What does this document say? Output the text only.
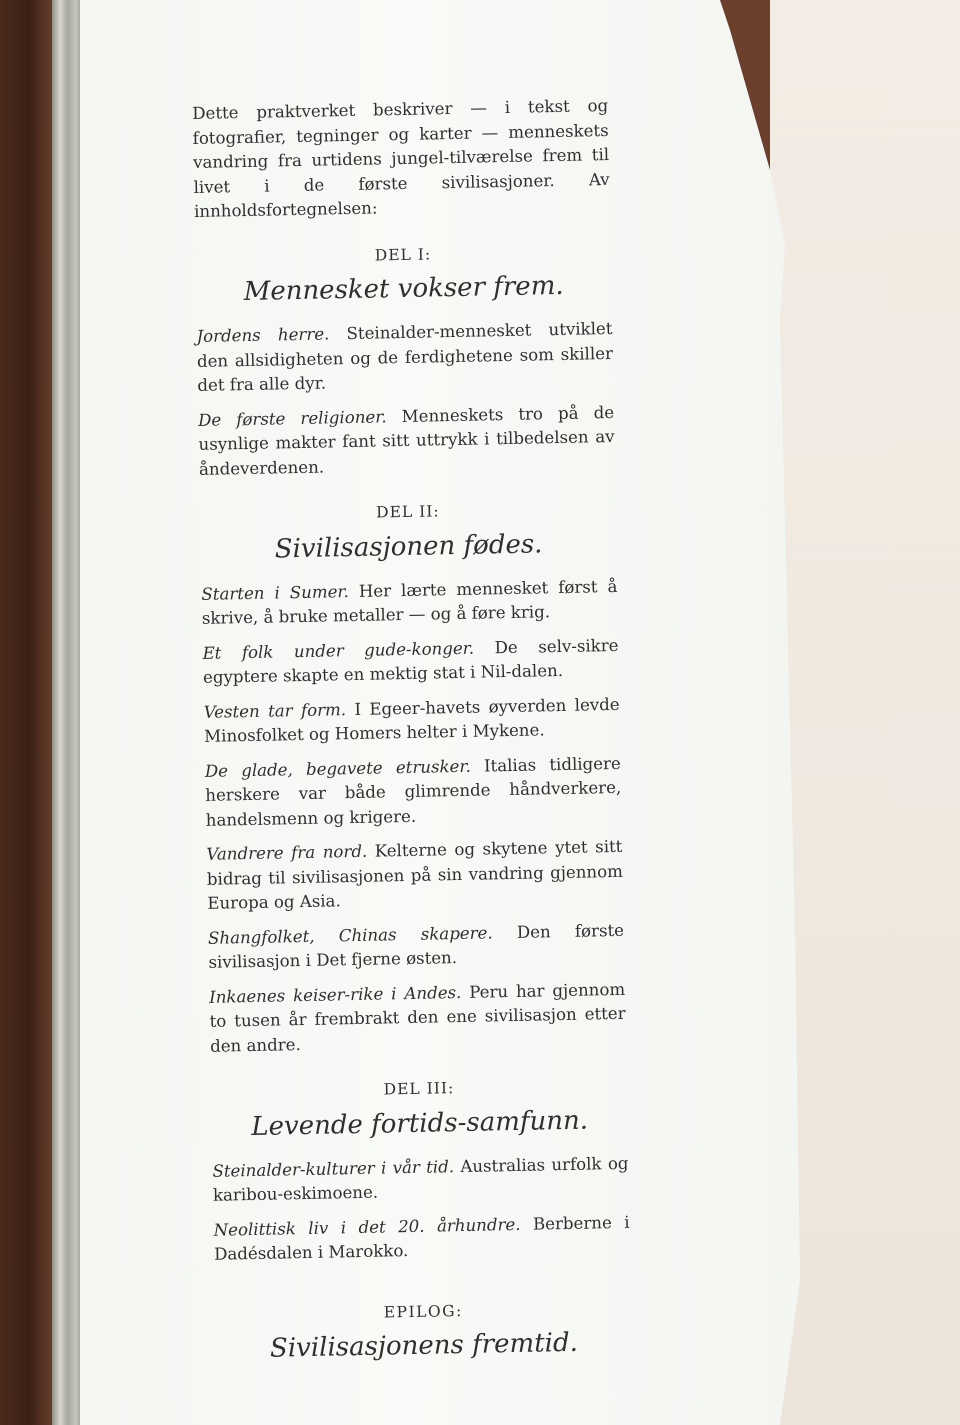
Dette praktverket beskriver — i tekst og fotografier, tegninger og karter — menneskets vandring fra urtidens jungel-tilværelse frem til livet i de første sivilisasjoner. Av innholdsfortegnelsen:

DEL I:
Mennesket vokser frem.

Jordens herre. Steinalder-mennesket utviklet den allsidigheten og de ferdighetene som skiller det fra alle dyr.

De første religioner. Menneskets tro på de usynlige makter fant sitt uttrykk i tilbedelsen av åndeverdenen.

DEL II:
Sivilisasjonen fødes.

Starten i Sumer. Her lærte mennesket først å skrive, å bruke metaller — og å føre krig.

Et folk under gude-konger. De selv-sikre egyptere skapte en mektig stat i Nil-dalen.

Vesten tar form. I Egeer-havets øyverden levde Minosfolket og Homers helter i Mykene.

De glade, begavete etrusker. Italias tidligere herskere var både glimrende håndverkere, handelsmenn og krigere.

Vandrere fra nord. Kelterne og skytene ytet sitt bidrag til sivilisasjonen på sin vandring gjennom Europa og Asia.

Shangfolket, Chinas skapere. Den første sivilisasjon i Det fjerne østen.

Inkaenes keiser-rike i Andes. Peru har gjennom to tusen år frembrakt den ene sivilisasjon etter den andre.

DEL III:
Levende fortids-samfunn.

Steinalder-kulturer i vår tid. Australias urfolk og karibou-eskimoene.

Neolittisk liv i det 20. århundre. Berberne i Dadésdalen i Marokko.

EPILOG:
Sivilisasjonens fremtid.
